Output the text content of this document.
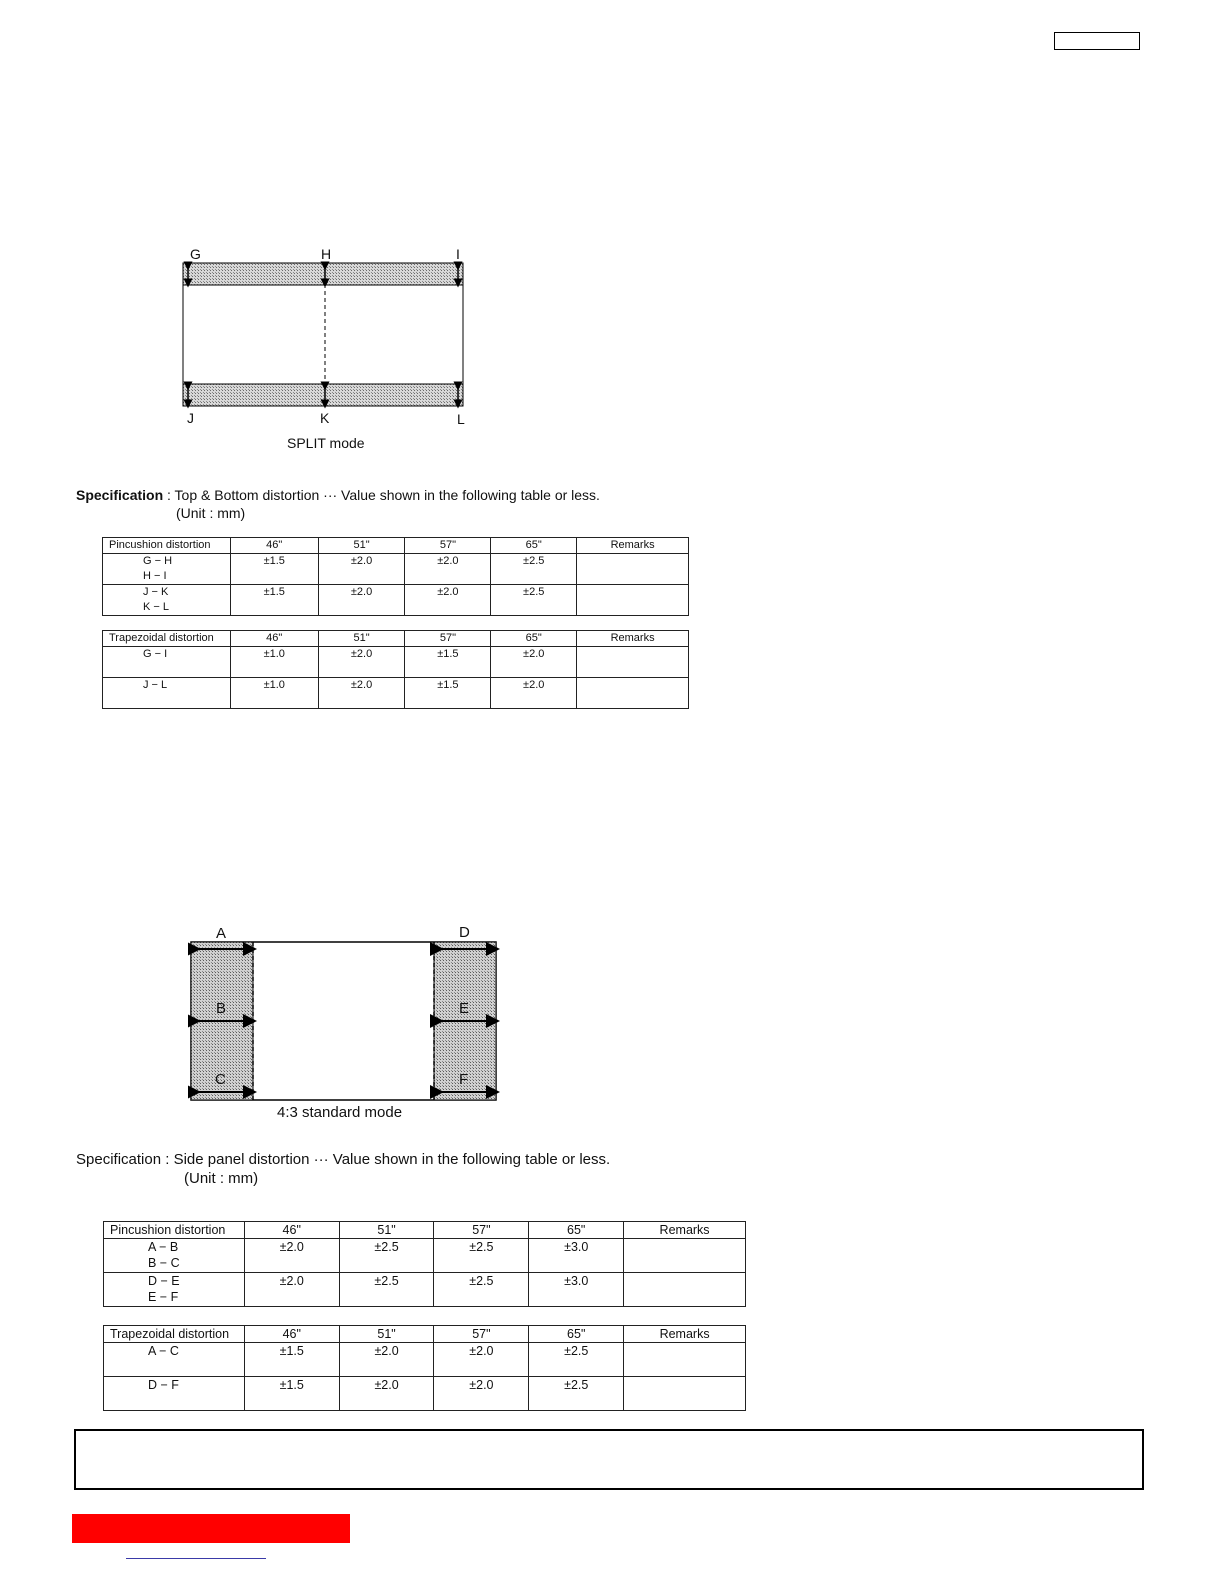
G	H	I
J	K	L
SPLIT mode
Specification : Top & Bottom distortion ··· Value shown in the following table or less.
(Unit : mm)
Pincushion distortion	46"	51"	57"	65"	Remarks

G − H
H − I	±1.5	±2.0	±2.0	±2.5	

J − K
K − L	±1.5	±2.0	±2.0	±2.5	

Trapezoidal distortion	46"	51"	57"	65"	Remarks

G − I	±1.0	±2.0	±1.5	±2.0	

J − L	±1.0	±2.0	±1.5	±2.0	

A	D
B	E
C	F
4:3 standard mode
Specification : Side panel distortion ··· Value shown in the following table or less.
(Unit : mm)
Pincushion distortion	46"	51"	57"	65"	Remarks

A − B
B − C	±2.0	±2.5	±2.5	±3.0	

D − E
E − F	±2.0	±2.5	±2.5	±3.0	

Trapezoidal distortion	46"	51"	57"	65"	Remarks

A − C	±1.5	±2.0	±2.0	±2.5	

D − F	±1.5	±2.0	±2.0	±2.5	
